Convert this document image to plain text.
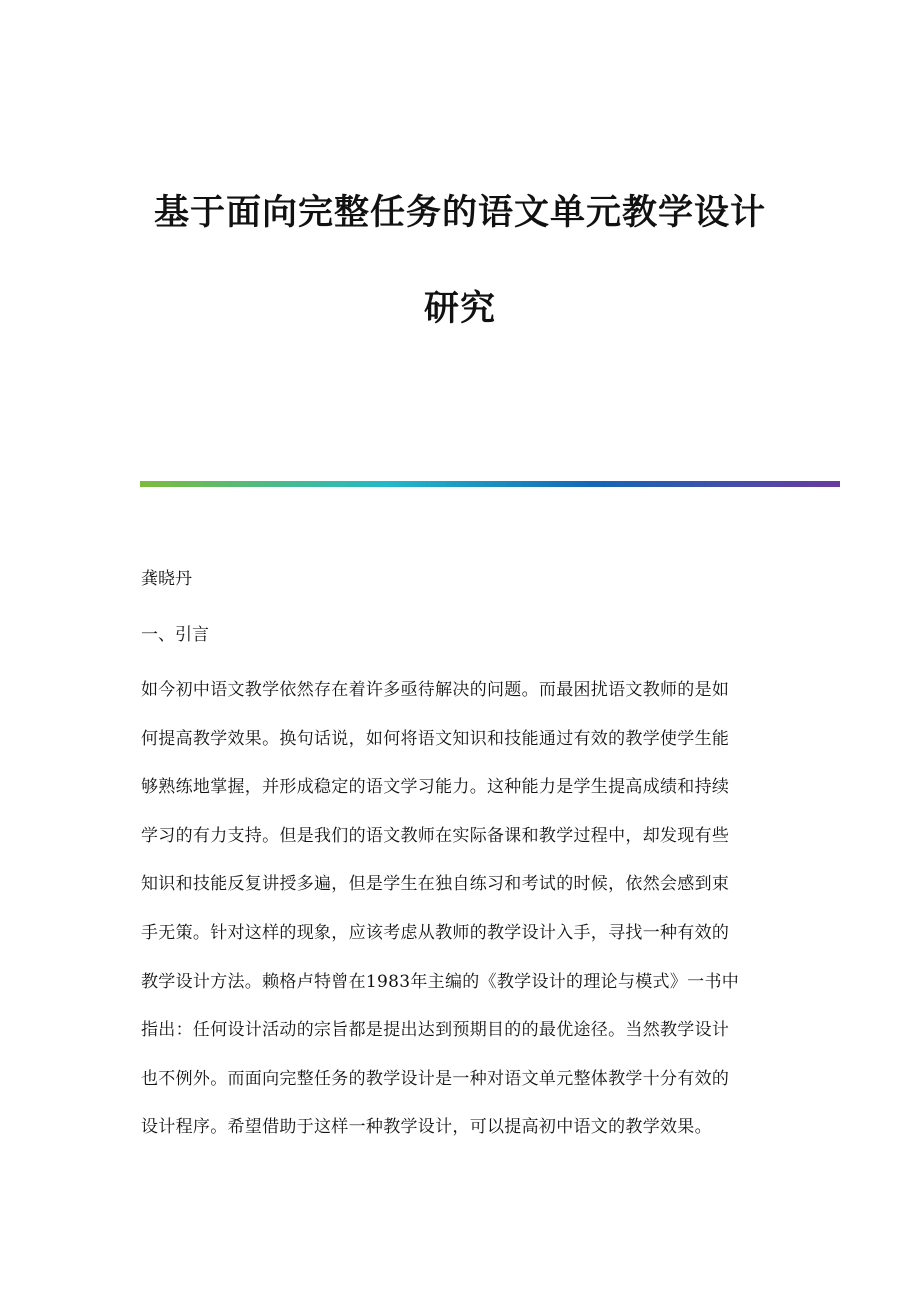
基于面向完整任务的语文单元教学设计
研究
龚晓丹
一、引言
如今初中语文教学依然存在着许多亟待解决的问题。而最困扰语文教师的是如
何提高教学效果。换句话说，如何将语文知识和技能通过有效的教学使学生能
够熟练地掌握，并形成稳定的语文学习能力。这种能力是学生提高成绩和持续
学习的有力支持。但是我们的语文教师在实际备课和教学过程中，却发现有些
知识和技能反复讲授多遍，但是学生在独自练习和考试的时候，依然会感到束
手无策。针对这样的现象，应该考虑从教师的教学设计入手，寻找一种有效的
教学设计方法。赖格卢特曾在1983年主编的《教学设计的理论与模式》一书中
指出：任何设计活动的宗旨都是提出达到预期目的的最优途径。当然教学设计
也不例外。而面向完整任务的教学设计是一种对语文单元整体教学十分有效的
设计程序。希望借助于这样一种教学设计，可以提高初中语文的教学效果。
